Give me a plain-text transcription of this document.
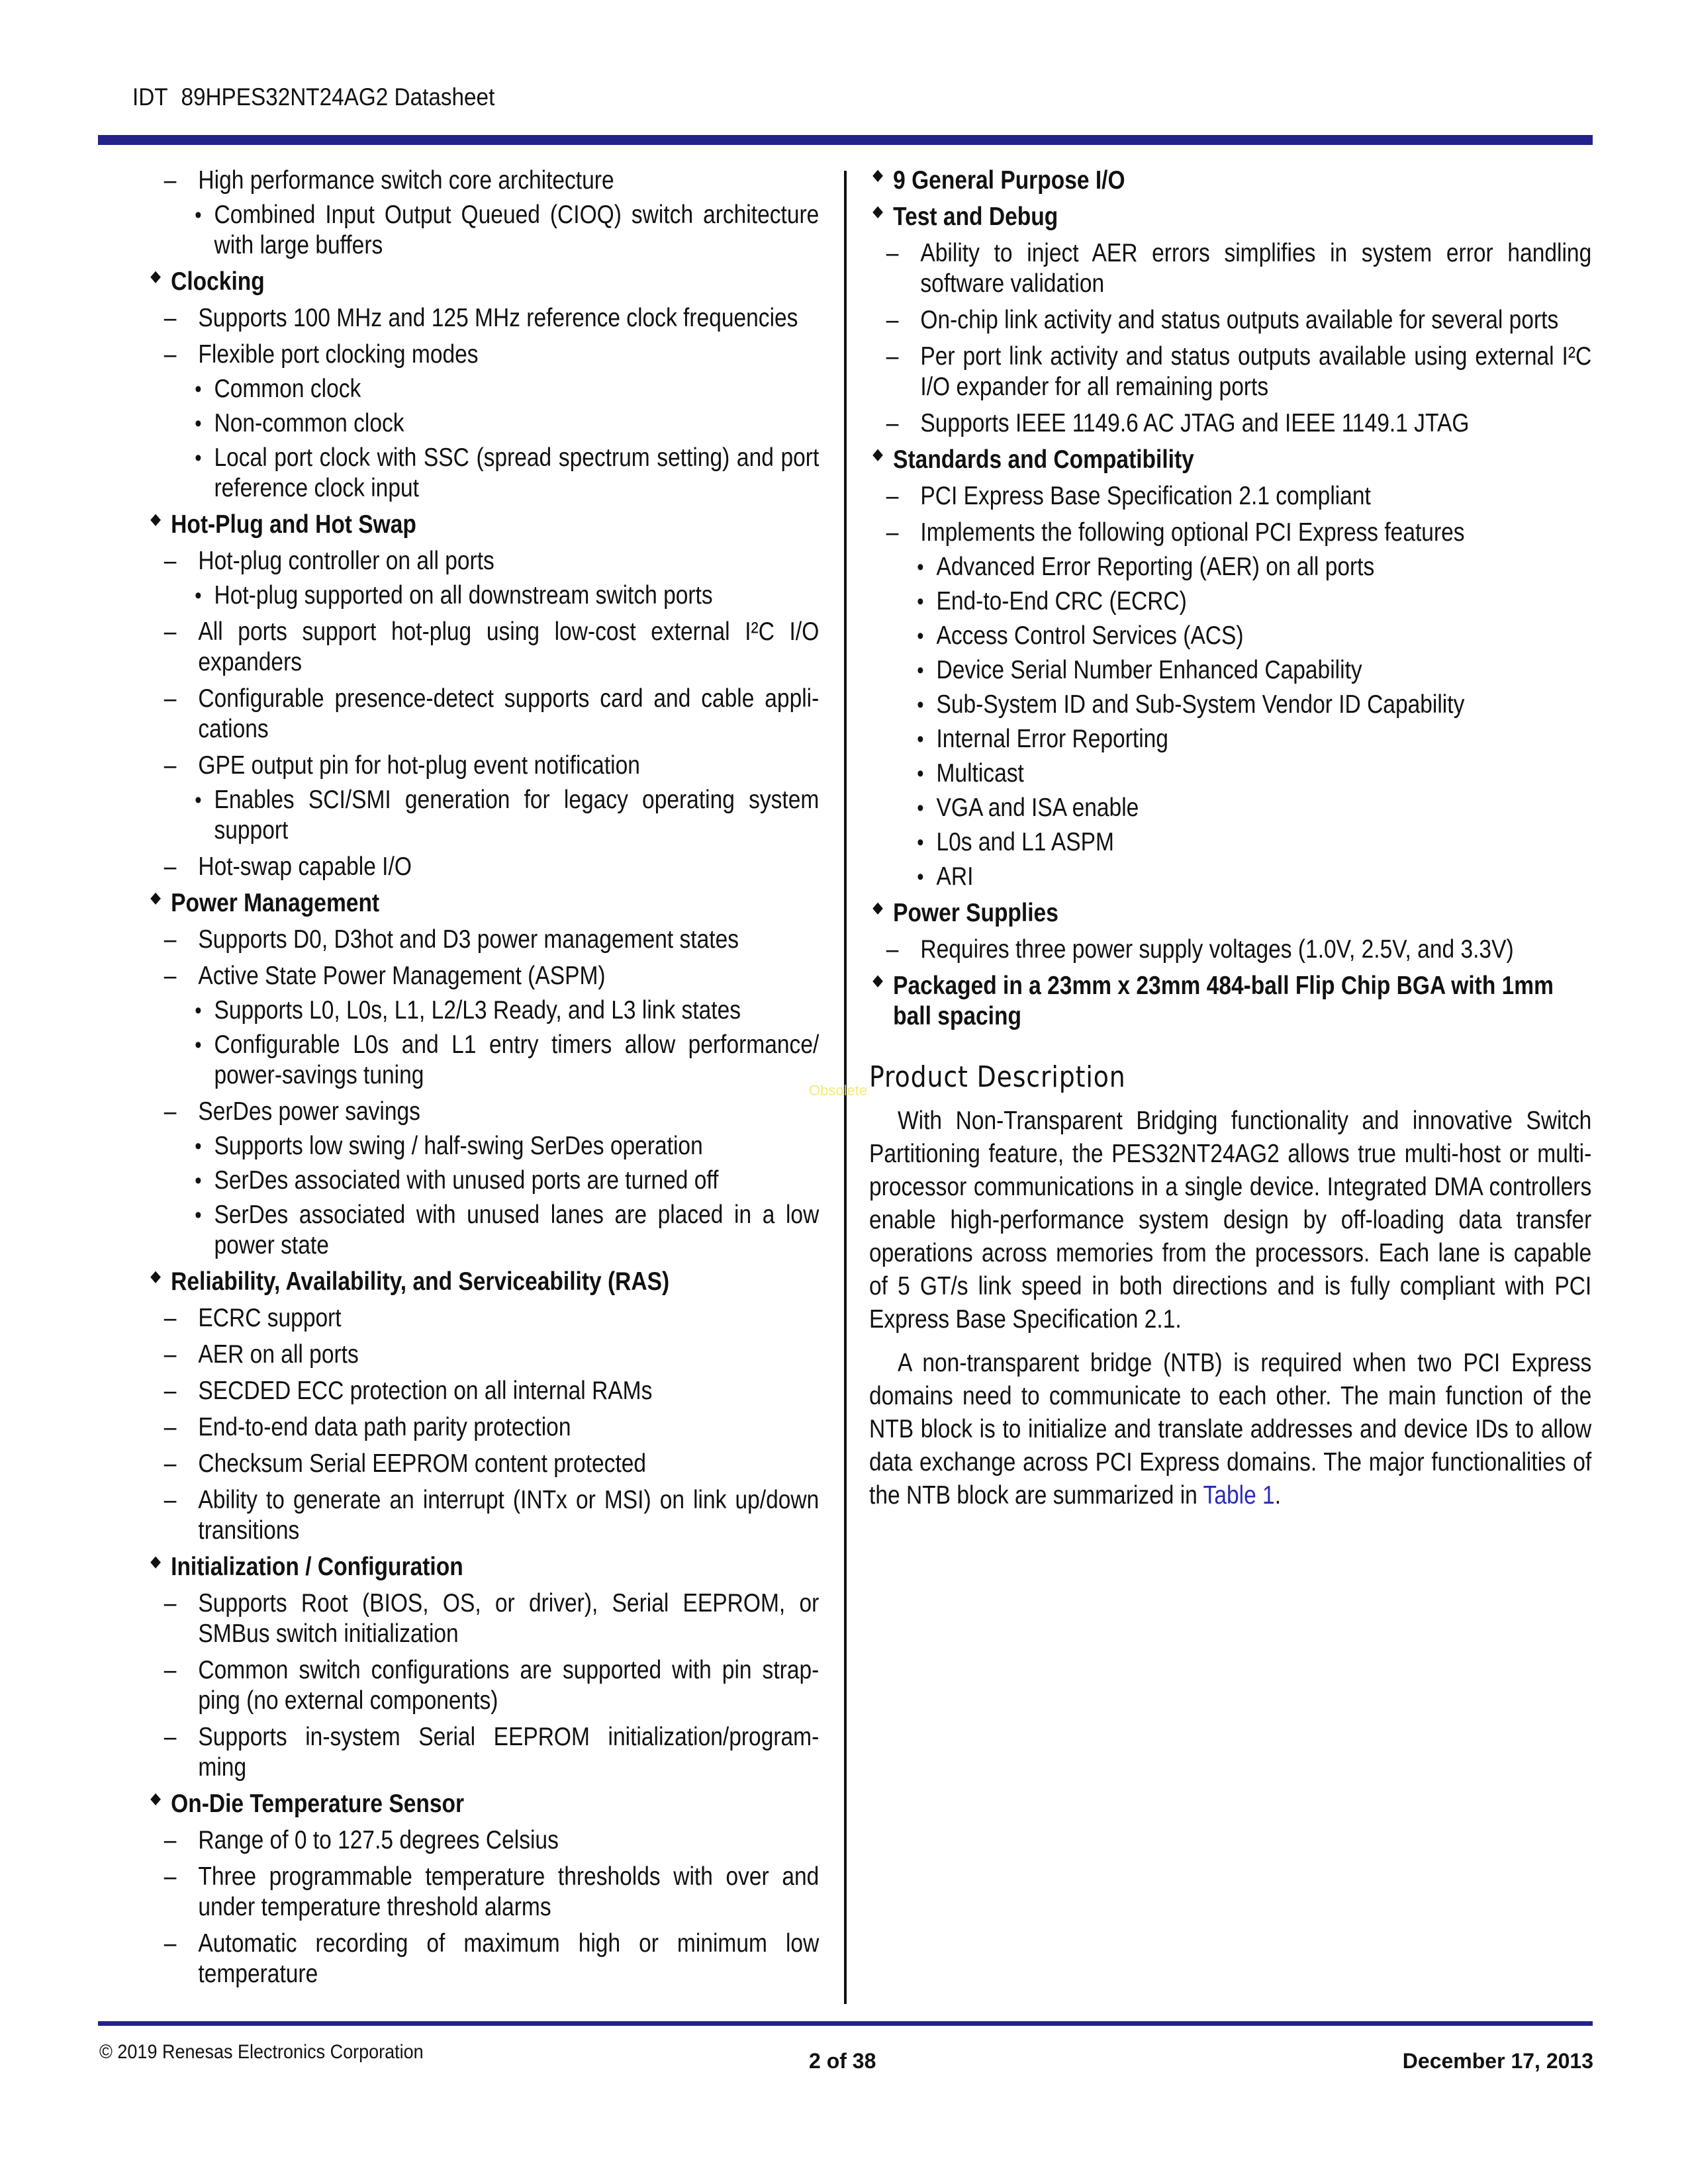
IDT 89HPES32NT24AG2 Datasheet
– High performance switch core architecture
• Combined Input Output Queued (CIOQ) switch architecture with large buffers
◆ Clocking
– Supports 100 MHz and 125 MHz reference clock frequencies
– Flexible port clocking modes
• Common clock
• Non-common clock
• Local port clock with SSC (spread spectrum setting) and port reference clock input
◆ Hot-Plug and Hot Swap
– Hot-plug controller on all ports
• Hot-plug supported on all downstream switch ports
– All ports support hot-plug using low-cost external I²C I/O expanders
– Configurable presence-detect supports card and cable appli- cations
– GPE output pin for hot-plug event notification
• Enables SCI/SMI generation for legacy operating system support
– Hot-swap capable I/O
◆ Power Management
– Supports D0, D3hot and D3 power management states
– Active State Power Management (ASPM)
• Supports L0, L0s, L1, L2/L3 Ready, and L3 link states
• Configurable L0s and L1 entry timers allow performance/ power-savings tuning
– SerDes power savings
• Supports low swing / half-swing SerDes operation
• SerDes associated with unused ports are turned off
• SerDes associated with unused lanes are placed in a low power state
◆ Reliability, Availability, and Serviceability (RAS)
– ECRC support
– AER on all ports
– SECDED ECC protection on all internal RAMs
– End-to-end data path parity protection
– Checksum Serial EEPROM content protected
– Ability to generate an interrupt (INTx or MSI) on link up/down transitions
◆ Initialization / Configuration
– Supports Root (BIOS, OS, or driver), Serial EEPROM, or SMBus switch initialization
– Common switch configurations are supported with pin strap- ping (no external components)
– Supports in-system Serial EEPROM initialization/program- ming
◆ On-Die Temperature Sensor
– Range of 0 to 127.5 degrees Celsius
– Three programmable temperature thresholds with over and under temperature threshold alarms
– Automatic recording of maximum high or minimum low temperature
◆ 9 General Purpose I/O
◆ Test and Debug
– Ability to inject AER errors simplifies in system error handling software validation
– On-chip link activity and status outputs available for several ports
– Per port link activity and status outputs available using external I²C I/O expander for all remaining ports
– Supports IEEE 1149.6 AC JTAG and IEEE 1149.1 JTAG
◆ Standards and Compatibility
– PCI Express Base Specification 2.1 compliant
– Implements the following optional PCI Express features
• Advanced Error Reporting (AER) on all ports
• End-to-End CRC (ECRC)
• Access Control Services (ACS)
• Device Serial Number Enhanced Capability
• Sub-System ID and Sub-System Vendor ID Capability
• Internal Error Reporting
• Multicast
• VGA and ISA enable
• L0s and L1 ASPM
• ARI
◆ Power Supplies
– Requires three power supply voltages (1.0V, 2.5V, and 3.3V)
◆ Packaged in a 23mm x 23mm 484-ball Flip Chip BGA with 1mm ball spacing
Product Description

With Non-Transparent Bridging functionality and innovative Switch Partitioning feature, the PES32NT24AG2 allows true multi-host or multi-processor communications in a single device. Integrated DMA controllers enable high-performance system design by off-loading data transfer operations across memories from the processors. Each lane is capable of 5 GT/s link speed in both directions and is fully compliant with PCI Express Base Specification 2.1.

A non-transparent bridge (NTB) is required when two PCI Express domains need to communicate to each other. The main function of the NTB block is to initialize and translate addresses and device IDs to allow data exchange across PCI Express domains. The major functionalities of the NTB block are summarized in Table 1.

Obsolete
© 2019 Renesas Electronics Corporation	2 of 38	December 17, 2013
